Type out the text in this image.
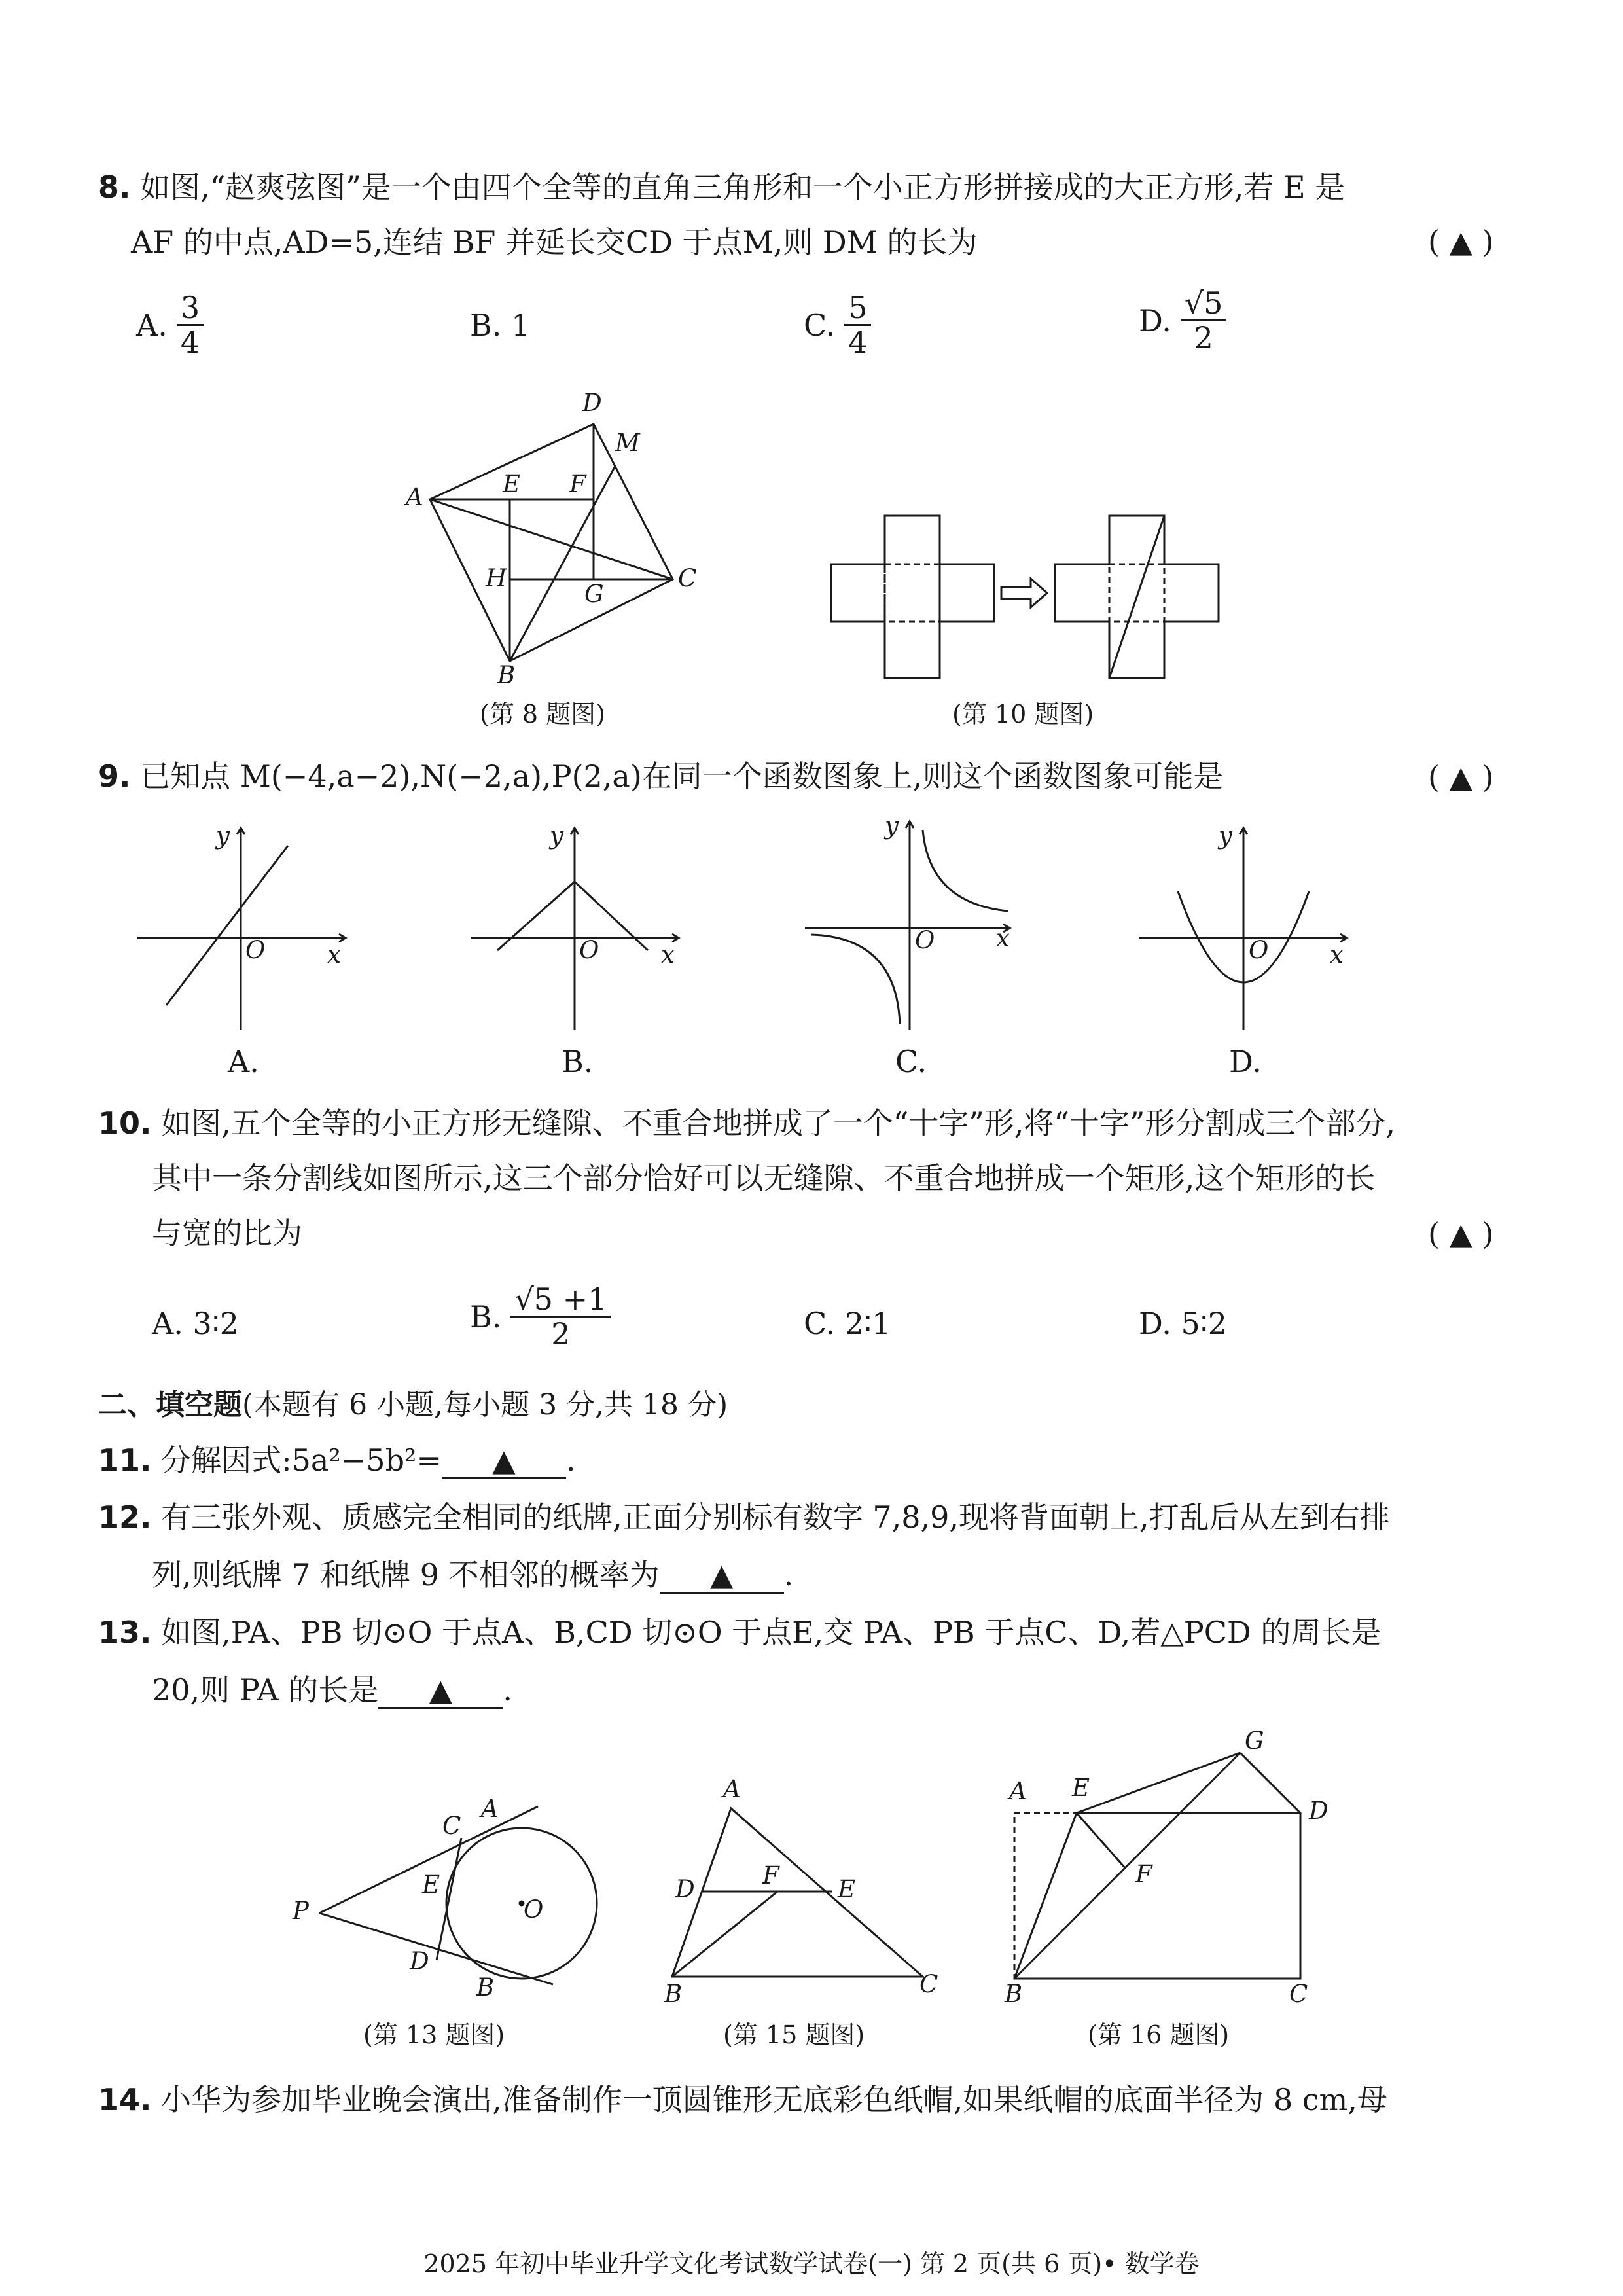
8. 如图,“赵爽弦图”是一个由四个全等的直角三角形和一个小正方形拼接成的大正方形,若 E 是
AF 的中点,AD=5,连结 BF 并延长交CD 于点M,则 DM 的长为	( ▲ )
A. $\frac{3}{4}$	B.
1	C. $\frac{5}{4}$	D. $\frac{√5}{2}$
A
D
M
E F
H
G
C
B
(第 8 题图)	(第 10 题图)
9. 已知点 M(−4,a−2),N(−2,a),P(2,a)在同一个函数图象上,则这个函数图象可能是	( ▲ )
y
x
O
y
x
O
y
x
O
y
x
O
A.	B.	C.	D.
10. 如图,五个全等的小正方形无缝隙、不重合地拼成了一个“十字”形,将“十字”形分割成三个部分,
其中一条分割线如图所示,这三个部分恰好可以无缝隙、不重合地拼成一个矩形,这个矩形的长
与宽的比为	( ▲ )
A.
3∶2	B. $\frac{√5 +1}{2}$	C.
2∶1	D.
5∶2
二、填空题(本题有 6 小题,每小题 3 分,共 18 分)
11. 分解因式:5a²−5b²= ▲ .
12. 有三张外观、质感完全相同的纸牌,正面分别标有数字 7,8,9,现将背面朝上,打乱后从左到右排
列,则纸牌 7 和纸牌 9 不相邻的概率为 ▲ .
13. 如图,PA、PB 切⊙O 于点A、B,CD 切⊙O 于点E,交 PA、PB 于点C、D,若△PCD 的周长是
20,则 PA 的长是 ▲ .
P
A
C
E
O
D
B
(第 13 题图)
A
D	F E
B	C
(第 15 题图)
A E
G
D
F
B	C
(第 16 题图)
14. 小华为参加毕业晚会演出,准备制作一顶圆锥形无底彩色纸帽,如果纸帽的底面半径为 8 cm,母
2025 年初中毕业升学文化考试数学试卷(一) 第 2 页(共 6 页)• 数学卷
